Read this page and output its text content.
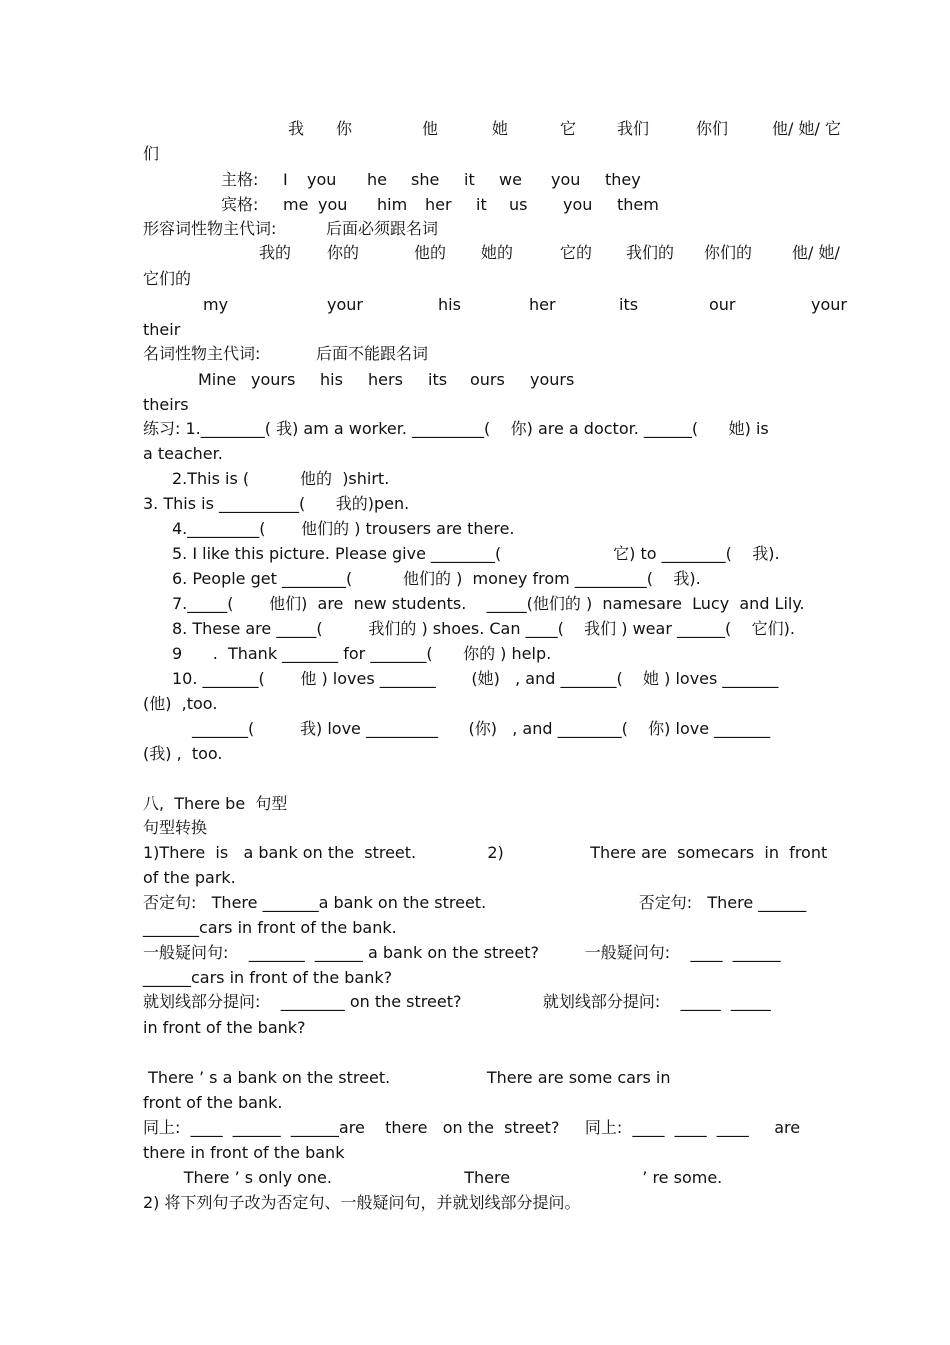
我 你	他	她	它	我们	你们	他/ 她/ 它
们
主格: I you he she it we you they
宾格: me you him her it us you them
形容词性物主代词:	后面必须跟名词
我的 你的	他的 她的	它的 我们的 你们的 他/ 她/
它们的
my	your	his	her	its	our	your
their
名词性物主代词:	后面不能跟名词
Mine yours his hers its ours yours
theirs
练习: 1.________( 我) am a worker. _________(    你) are a doctor. ______(      她) is
a teacher.
2.This is (          他的  )shirt.
3. This is __________(      我的)pen.
4._________(       他们的 ) trousers are there.
5. I like this picture. Please give ________(                      它) to ________(    我).
6. People get ________(          他们的 )  money from _________(    我).
7._____(       他们)  are  new students.    _____(他们的 )  namesare  Lucy  and Lily.
8. These are _____(         我们的 ) shoes. Can ____(    我们 ) wear ______(    它们).
9      .  Thank _______ for _______(      你的 ) help.
10. _______(       他 ) loves _______       (她)   , and _______(    她 ) loves _______
(他)  ,too.
_______(         我) love _________      (你)   , and ________(    你) love _______
(我) ,  too.
八,  There be  句型
句型转换
1)There  is   a bank on the  street.              2)                 There are  somecars  in  front
of the park.
否定句:   There _______a bank on the street.                              否定句:   There ______
_______cars in front of the bank.
一般疑问句:    _______  ______ a bank on the street?         一般疑问句:    ____  ______
______cars in front of the bank?
就划线部分提问:    ________ on the street?                就划线部分提问:    _____  _____
in front of the bank?
There ’ s a bank on the street.                   There are some cars in
front of the bank.
同上:  ____  ______  ______are    there   on the  street?     同上:  ____  ____  ____     are
there in front of the bank
There ’ s only one.                          There                          ’ re some.
2) 将下列句子改为否定句、一般疑问句，并就划线部分提问。
